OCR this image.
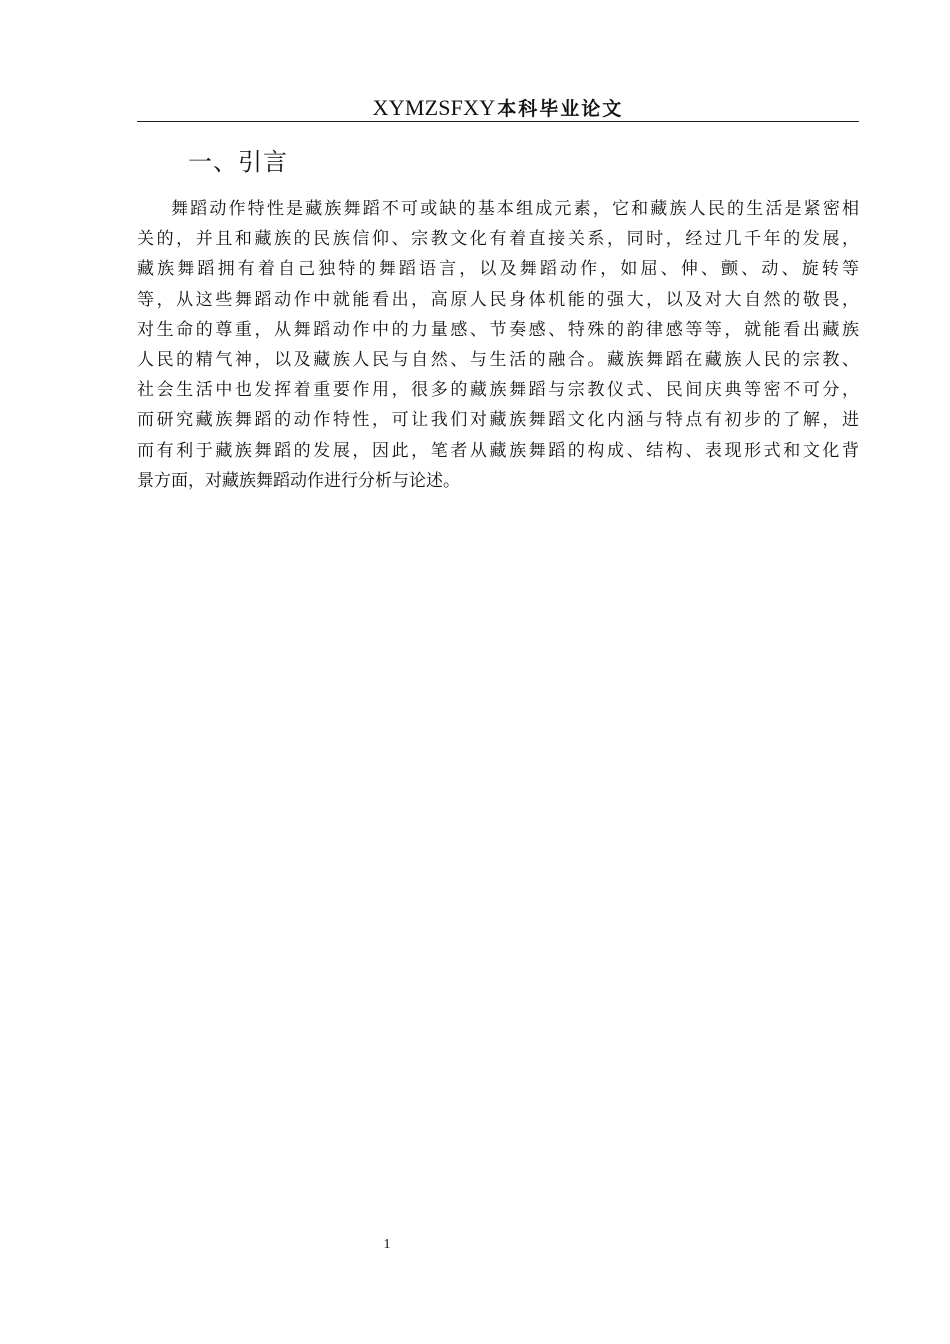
XYMZSFXY 本科毕业论文
一、引言
舞蹈动作特性是藏族舞蹈不可或缺的基本组成元素，它和藏族人民的生活是紧密相
关的，并且和藏族的民族信仰、宗教文化有着直接关系，同时，经过几千年的发展，
藏族舞蹈拥有着自己独特的舞蹈语言，以及舞蹈动作，如屈、伸、颤、动、旋转等
等，从这些舞蹈动作中就能看出，高原人民身体机能的强大，以及对大自然的敬畏，
对生命的尊重，从舞蹈动作中的力量感、节奏感、特殊的韵律感等等，就能看出藏族
人民的精气神，以及藏族人民与自然、与生活的融合。藏族舞蹈在藏族人民的宗教、
社会生活中也发挥着重要作用，很多的藏族舞蹈与宗教仪式、民间庆典等密不可分，
而研究藏族舞蹈的动作特性，可让我们对藏族舞蹈文化内涵与特点有初步的了解，进
而有利于藏族舞蹈的发展，因此，笔者从藏族舞蹈的构成、结构、表现形式和文化背
景方面，对藏族舞蹈动作进行分析与论述。
1
